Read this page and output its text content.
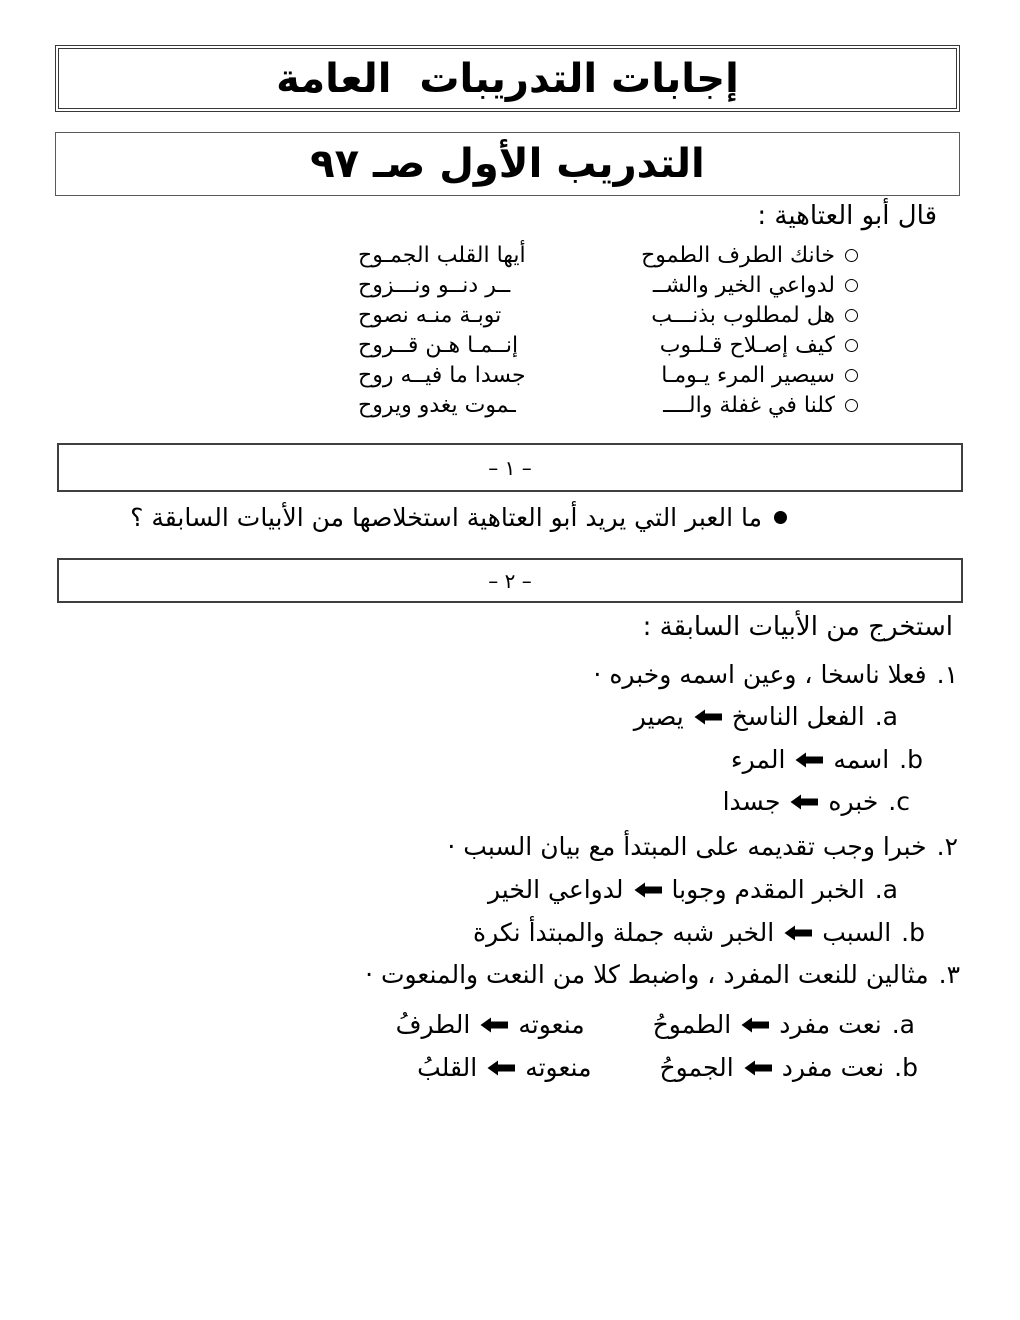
إجابات التدريبات  العامة
التدريب الأول صـ ٩٧
قال أبو العتاهية :
خانك الطرف الطموح
أيها القلب الجمـوح
لدواعي الخير والشــ
ــر دنــو ونـــزوح
هل لمطلوب بذنـــب
توبـة منـه نصوح
كيف إصـلاح قـلـوب
إنــمـا هـن قــروح
سيصير المرء يـومـا
جسدا ما فيــه روح
كلنا في غفلة والــــ
ـموت يغدو ويروح
– ١ –
ما العبر التي يريد أبو العتاهية استخلاصها من الأبيات السابقة ؟
– ٢ –
استخرج من الأبيات السابقة :
١.
فعلا ناسخا ، وعين اسمه وخبره ·
a.
الفعل الناسخ
يصير
b.
اسمه
المرء
c.
خبره
جسدا
٢.
خبرا وجب تقديمه على المبتدأ مع بيان السبب ·
a.
الخبر المقدم وجوبا
لدواعي الخير
b.
السبب
الخبر شبه جملة والمبتدأ نكرة
٣.
مثالين للنعت المفرد ، واضبط كلا من النعت والمنعوت ·
a.
نعت مفرد
الطموحُ
منعوته
الطرفُ
b.
نعت مفرد
الجموحُ
منعوته
القلبُ
